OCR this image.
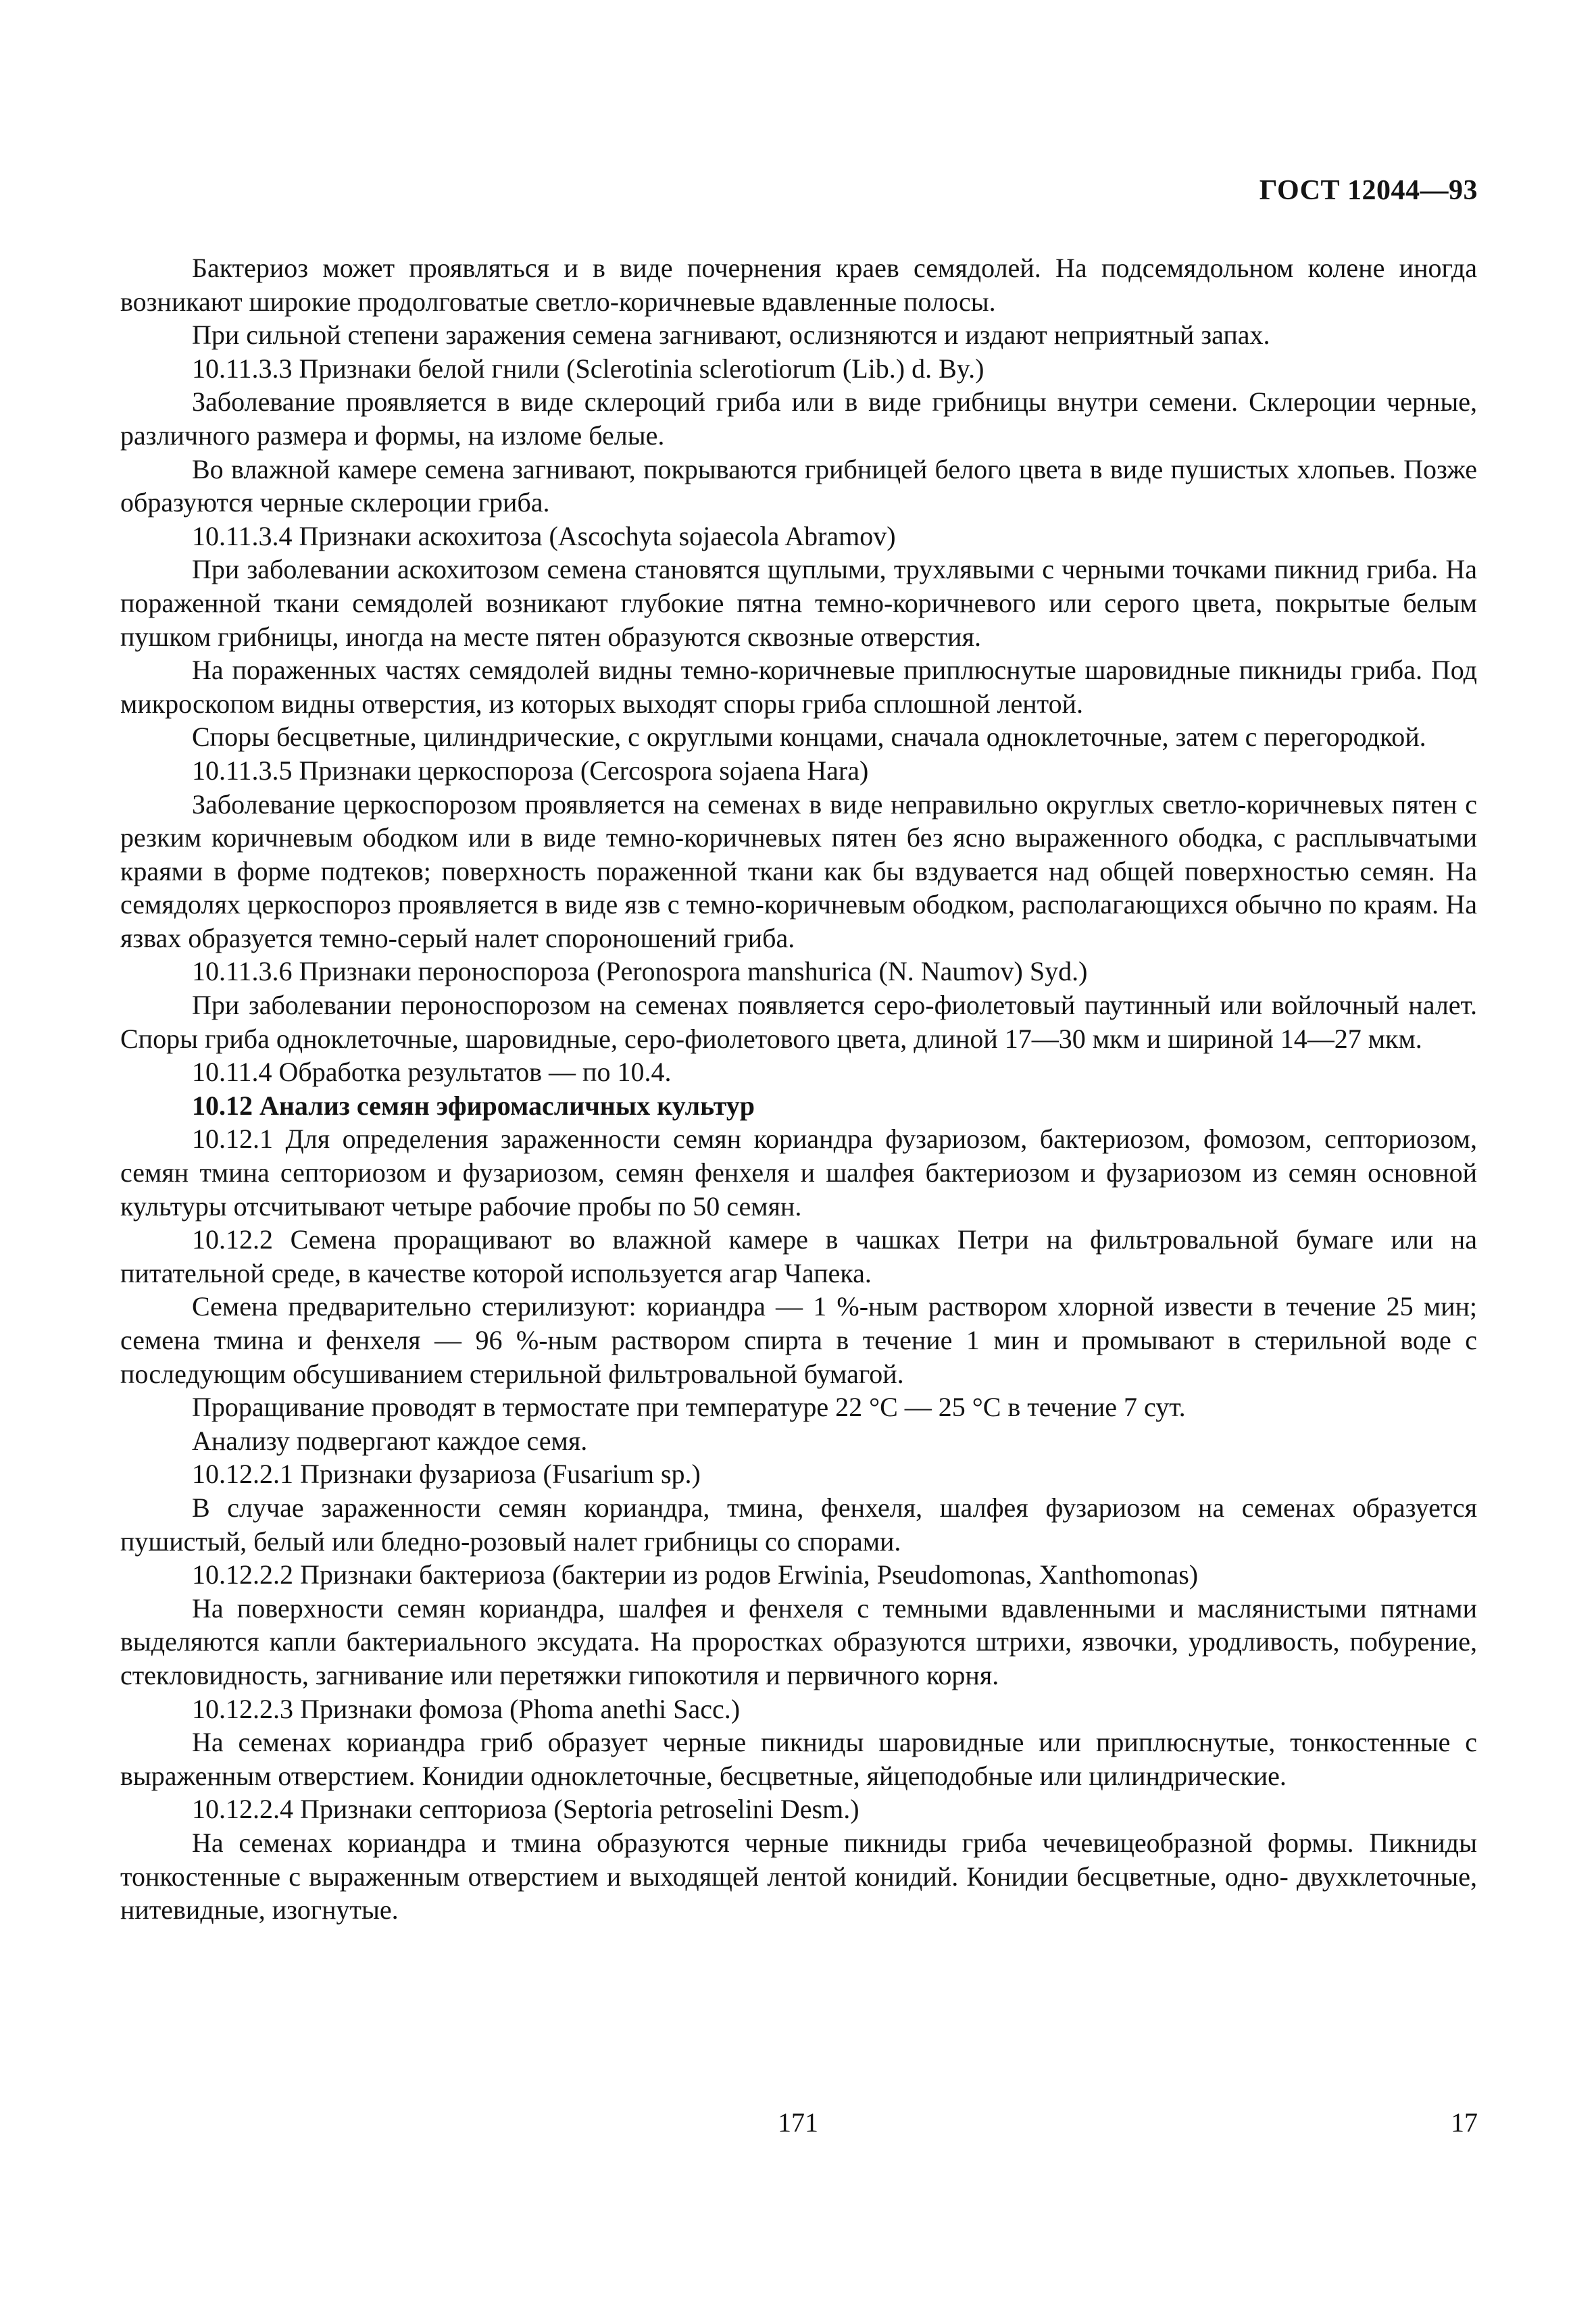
ГОСТ 12044—93

Бактериоз может проявляться и в виде почернения краев семядолей. На подсемядольном колене иногда возникают широкие продолговатые светло-коричневые вдавленные полосы.

При сильной степени заражения семена загнивают, ослизняются и издают неприятный запах.

10.11.3.3 Признаки белой гнили (Sclerotinia sclerotiorum (Lib.) d. By.)

Заболевание проявляется в виде склероций гриба или в виде грибницы внутри семени. Склероции черные, различного размера и формы, на изломе белые.

Во влажной камере семена загнивают, покрываются грибницей белого цвета в виде пушистых хлопьев. Позже образуются черные склероции гриба.

10.11.3.4 Признаки аскохитоза (Ascochyta sojaecola Abramov)

При заболевании аскохитозом семена становятся щуплыми, трухлявыми с черными точками пикнид гриба. На пораженной ткани семядолей возникают глубокие пятна темно-коричневого или серого цвета, покрытые белым пушком грибницы, иногда на месте пятен образуются сквозные отверстия.

На пораженных частях семядолей видны темно-коричневые приплюснутые шаровидные пикниды гриба. Под микроскопом видны отверстия, из которых выходят споры гриба сплошной лентой.

Споры бесцветные, цилиндрические, с округлыми концами, сначала одноклеточные, затем с перегородкой.

10.11.3.5 Признаки церкоспороза (Cercospora sojaena Hara)

Заболевание церкоспорозом проявляется на семенах в виде неправильно округлых светло-коричневых пятен с резким коричневым ободком или в виде темно-коричневых пятен без ясно выраженного ободка, с расплывчатыми краями в форме подтеков; поверхность пораженной ткани как бы вздувается над общей поверхностью семян. На семядолях церкоспороз проявляется в виде язв с темно-коричневым ободком, располагающихся обычно по краям. На язвах образуется темно-серый налет спороношений гриба.

10.11.3.6 Признаки пероноспороза (Peronospora manshurica (N. Naumov) Syd.)

При заболевании пероноспорозом на семенах появляется серо-фиолетовый паутинный или войлочный налет. Споры гриба одноклеточные, шаровидные, серо-фиолетового цвета, длиной 17—30 мкм и шириной 14—27 мкм.

10.11.4 Обработка результатов — по 10.4.

10.12 Анализ семян эфиромасличных культур

10.12.1 Для определения зараженности семян кориандра фузариозом, бактериозом, фомозом, септориозом, семян тмина септориозом и фузариозом, семян фенхеля и шалфея бактериозом и фузариозом из семян основной культуры отсчитывают четыре рабочие пробы по 50 семян.

10.12.2 Семена проращивают во влажной камере в чашках Петри на фильтровальной бумаге или на питательной среде, в качестве которой используется агар Чапека.

Семена предварительно стерилизуют: кориандра — 1 %-ным раствором хлорной извести в течение 25 мин; семена тмина и фенхеля — 96 %-ным раствором спирта в течение 1 мин и промывают в стерильной воде с последующим обсушиванием стерильной фильтровальной бумагой.

Проращивание проводят в термостате при температуре 22 °С — 25 °С в течение 7 сут.

Анализу подвергают каждое семя.

10.12.2.1 Признаки фузариоза (Fusarium sp.)

В случае зараженности семян кориандра, тмина, фенхеля, шалфея фузариозом на семенах образуется пушистый, белый или бледно-розовый налет грибницы со спорами.

10.12.2.2 Признаки бактериоза (бактерии из родов Erwinia, Pseudomonas, Xanthomonas)

На поверхности семян кориандра, шалфея и фенхеля с темными вдавленными и маслянистыми пятнами выделяются капли бактериального эксудата. На проростках образуются штрихи, язвочки, уродливость, побурение, стекловидность, загнивание или перетяжки гипокотиля и первичного корня.

10.12.2.3 Признаки фомоза (Phoma anethi Sacc.)

На семенах кориандра гриб образует черные пикниды шаровидные или приплюснутые, тонкостенные с выраженным отверстием. Конидии одноклеточные, бесцветные, яйцеподобные или цилиндрические.

10.12.2.4 Признаки септориоза (Septoria petroselini Desm.)

На семенах кориандра и тмина образуются черные пикниды гриба чечевицеобразной формы. Пикниды тонкостенные с выраженным отверстием и выходящей лентой конидий. Конидии бесцветные, одно- двухклеточные, нитевидные, изогнутые.

171	17
